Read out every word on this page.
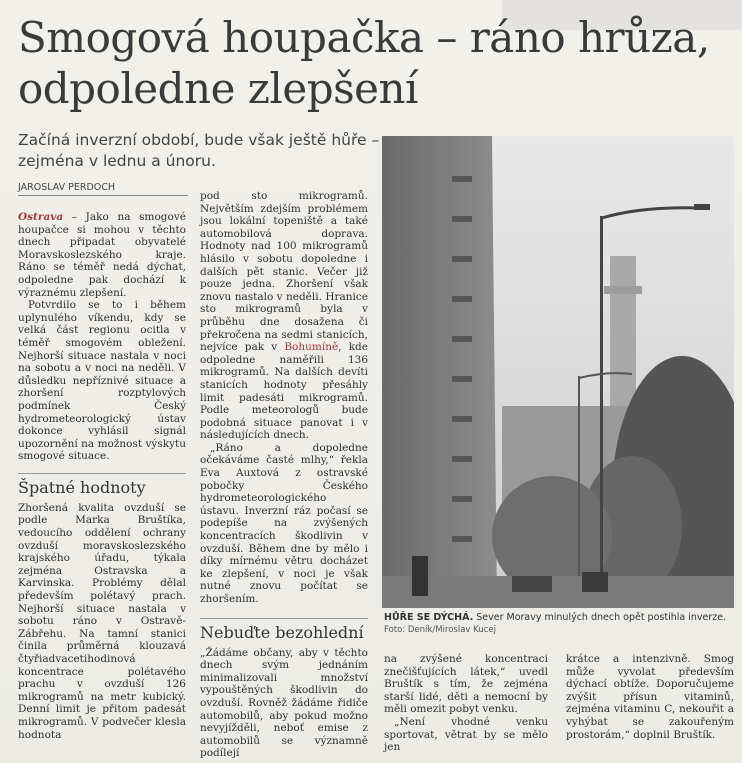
Smogová houpačka – ráno hrůza, odpoledne zlepšení

Začíná inverzní období, bude však ještě hůře – zejména v lednu a únoru.

JAROSLAV PERDOCH

Ostrava – Jako na smogové houpačce si mohou v těchto dnech připadat obyvatelé Moravskoslezského kraje. Ráno se téměř nedá dýchat, odpoledne pak dochází k výraznému zlepšení.

Potvrdilo se to i během uplynulého víkendu, kdy se velká část regionu ocitla v téměř smogovém obležení. Nejhorší situace nastala v noci na sobotu a v noci na neděli. V důsledku nepříznivé situace a zhoršení rozptylových podmínek Český hydrometeorologický ústav dokonce vyhlásil signál upozornění na možnost výskytu smogové situace.

Špatné hodnoty

Zhoršená kvalita ovzduší se podle Marka Bruštíka, vedoucího oddělení ochrany ovzduší moravskoslezského krajského úřadu, týkala zejména Ostravska a Karvinska. Problémy dělal především polétavý prach. Nejhorší situace nastala v sobotu ráno v Ostravě-Zábřehu. Na tamní stanici činila průměrná klouzavá čtyřiadvacetihodinová koncentrace polétavého prachu v ovzduší 126 mikrogramů na metr kubický. Denní limit je přitom padesát mikrogramů. V podvečer klesla hodnota

pod sto mikrogramů. Největším zdejším problémem jsou lokální topeniště a také automobilová doprava. Hodnoty nad 100 mikrogramů hlásilo v sobotu dopoledne i dalších pět stanic. Večer již pouze jedna. Zhoršení však znovu nastalo v neděli. Hranice sto mikrogramů byla v průběhu dne dosažena či překročena na sedmi stanicích, nejvíce pak v Bohumíně, kde odpoledne naměřili 136 mikrogramů. Na dalších devíti stanicích hodnoty přesáhly limit padesáti mikrogramů. Podle meteorologů bude podobná situace panovat i v následujících dnech.

„Ráno a dopoledne očekáváme časté mlhy,“ řekla Eva Auxtová z ostravské pobočky Českého hydrometeorologického ústavu. Inverzní ráz počasí se podepíše na zvýšených koncentracích škodlivin v ovzduší. Během dne by mělo i díky mírnému větru docházet ke zlepšení, v noci je však nutné znovu počítat se zhoršením.

Nebuďte bezohlední

„Žádáme občany, aby v těchto dnech svým jednáním minimalizovali množství vypouštěných škodlivin do ovzduší. Rovněž žádáme řidiče automobilů, aby pokud možno nevyjížděli, neboť emise z automobilů se významně podílejí

HŮŘE SE DÝCHÁ. Sever Moravy minulých dnech opět postihla inverze.
Foto: Deník/Miroslav Kucej

na zvýšené koncentraci znečišťujících látek,“ uvedl Bruštík s tím, že zejména starší lidé, děti a nemocní by měli omezit pobyt venku.

„Není vhodné venku sportovat, větrat by se mělo jen

krátce a intenzivně. Smog může vyvolat především dýchací obtíže. Doporučujeme zvýšit přísun vitaminů, zejména vitaminu C, nekouřit a vyhýbat se zakouřeným prostorám,“ doplnil Bruštík.
